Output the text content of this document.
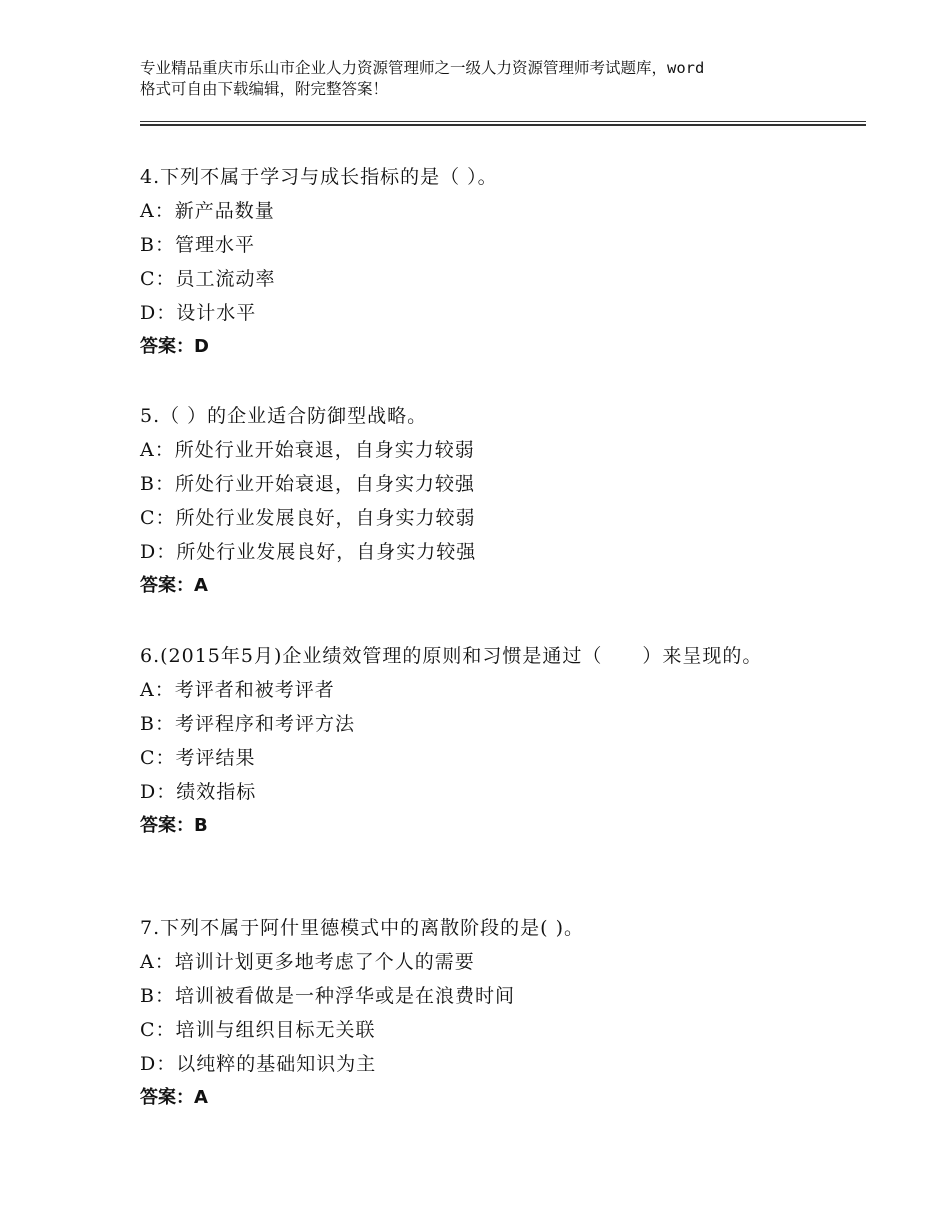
专业精品重庆市乐山市企业人力资源管理师之一级人力资源管理师考试题库，word
格式可自由下载编辑，附完整答案！
4.下列不属于学习与成长指标的是（ ）。
A：新产品数量
B：管理水平
C：员工流动率
D：设计水平
答案：D
5.（ ）的企业适合防御型战略。
A：所处行业开始衰退，自身实力较弱
B：所处行业开始衰退，自身实力较强
C：所处行业发展良好，自身实力较弱
D：所处行业发展良好，自身实力较强
答案：A
6.(2015年5月)企业绩效管理的原则和习惯是通过（　　）来呈现的。
A：考评者和被考评者
B：考评程序和考评方法
C：考评结果
D：绩效指标
答案：B
7.下列不属于阿什里德模式中的离散阶段的是( )。
A：培训计划更多地考虑了个人的需要
B：培训被看做是一种浮华或是在浪费时间
C：培训与组织目标无关联
D：以纯粹的基础知识为主
答案：A
